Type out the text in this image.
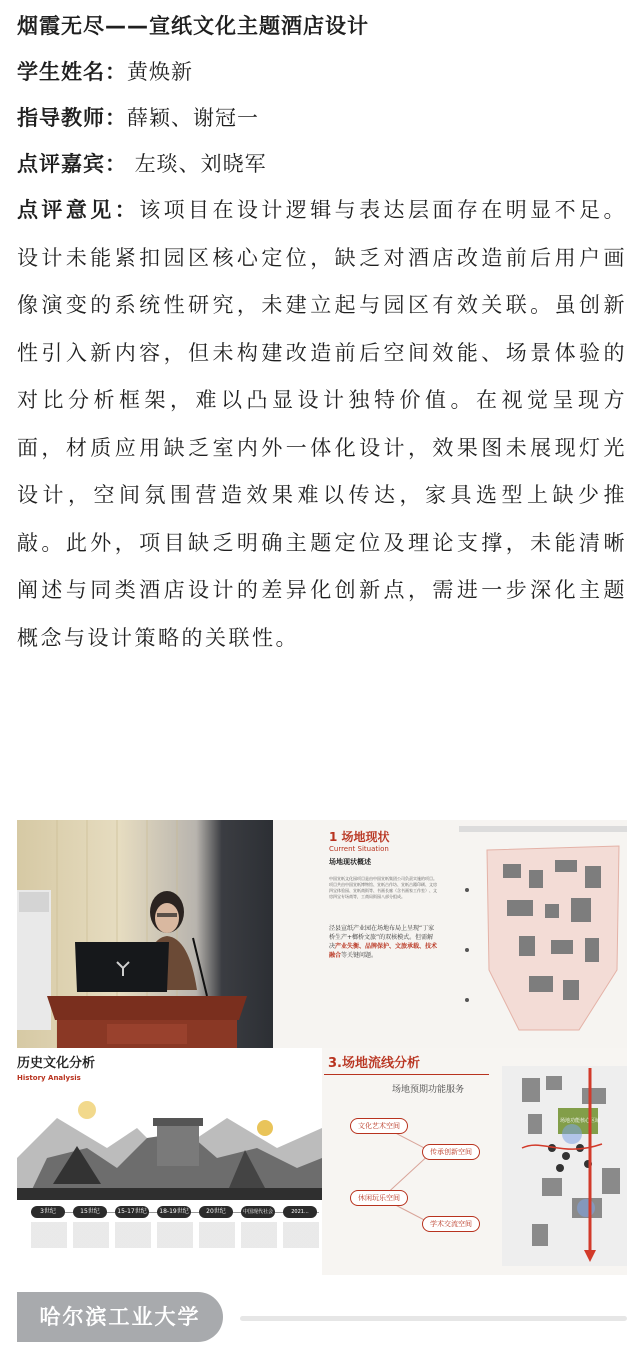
烟霞无尽——宣纸文化主题酒店设计
学生姓名：黄焕新
指导教师：薛颖、谢冠一
点评嘉宾： 左琰、刘晓军

点评意见：该项目在设计逻辑与表达层面存在明显不足。设计未能紧扣园区核心定位，缺乏对酒店改造前后用户画像演变的系统性研究，未建立起与园区有效关联。虽创新性引入新内容，但未构建改造前后空间效能、场景体验的对比分析框架，难以凸显设计独特价值。在视觉呈现方面，材质应用缺乏室内外一体化设计，效果图未展现灯光设计，空间氛围营造效果难以传达，家具选型上缺少推敲。此外，项目缺乏明确主题定位及理论支撑，未能清晰阐述与同类酒店设计的差异化创新点，需进一步深化主题概念与设计策略的关联性。

1 场地现状
Current Situation
场地现状概述
中国宣纸文化园项目是由中国宣纸集团公司负责实施的项目。项目共由中国宣纸博物馆、宣纸古作坊、宣纸古籍印刷、文房四宝体验园、宣纸商街等、书画长廊（含书画家工作室）、文房四宝专场商等，工商局街园八部分组成。
泾县宣纸产业园在场地布局上呈现“丁家桥生产+榔桥文旅”的双核模式。但需解决产业失衡、品牌保护、文旅承载、技术融合等关键问题。
历史文化分析
History Analysis
3世纪	15世纪	15-17世纪	18-19世纪	20世纪	中国现代社会	2021...
3.场地流线分析
场地预期功能服务
文化艺术空间
传承创新空间
休闲玩乐空间
学术交流空间
场地功能核心区域
哈尔滨工业大学
